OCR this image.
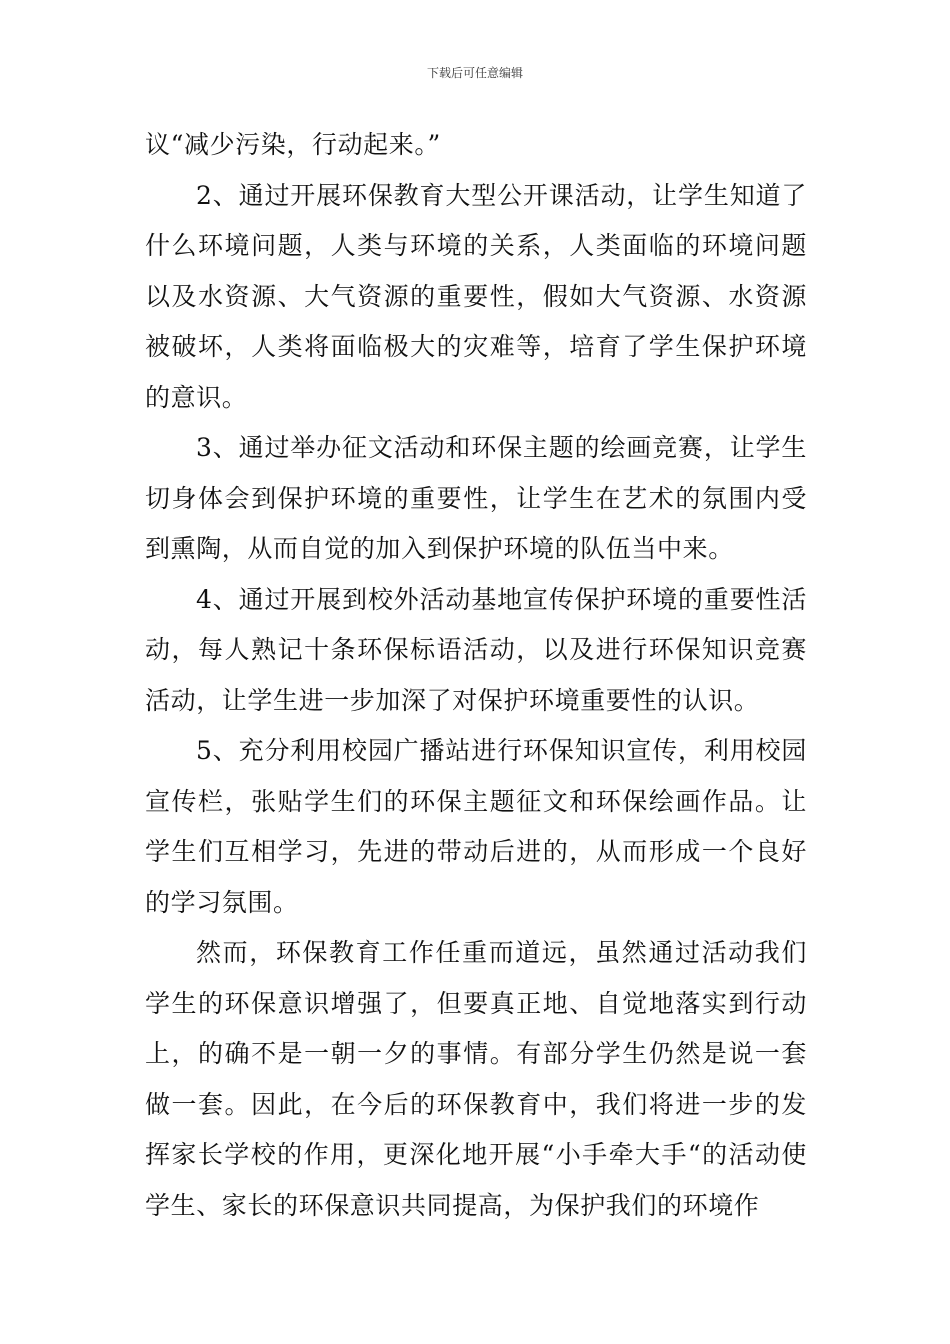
下载后可任意编辑

议“减少污染，行动起来。”

2、通过开展环保教育大型公开课活动，让学生知道了什么环境问题，人类与环境的关系，人类面临的环境问题以及水资源、大气资源的重要性，假如大气资源、水资源被破坏，人类将面临极大的灾难等，培育了学生保护环境的意识。

3、通过举办征文活动和环保主题的绘画竞赛，让学生切身体会到保护环境的重要性，让学生在艺术的氛围内受到熏陶，从而自觉的加入到保护环境的队伍当中来。

4、通过开展到校外活动基地宣传保护环境的重要性活动，每人熟记十条环保标语活动，以及进行环保知识竞赛活动，让学生进一步加深了对保护环境重要性的认识。

5、充分利用校园广播站进行环保知识宣传，利用校园宣传栏，张贴学生们的环保主题征文和环保绘画作品。让学生们互相学习，先进的带动后进的，从而形成一个良好的学习氛围。

然而，环保教育工作任重而道远，虽然通过活动我们学生的环保意识增强了，但要真正地、自觉地落实到行动上，的确不是一朝一夕的事情。有部分学生仍然是说一套做一套。因此，在今后的环保教育中，我们将进一步的发挥家长学校的作用，更深化地开展“小手牵大手“的活动使学生、家长的环保意识共同提高，为保护我们的环境作
